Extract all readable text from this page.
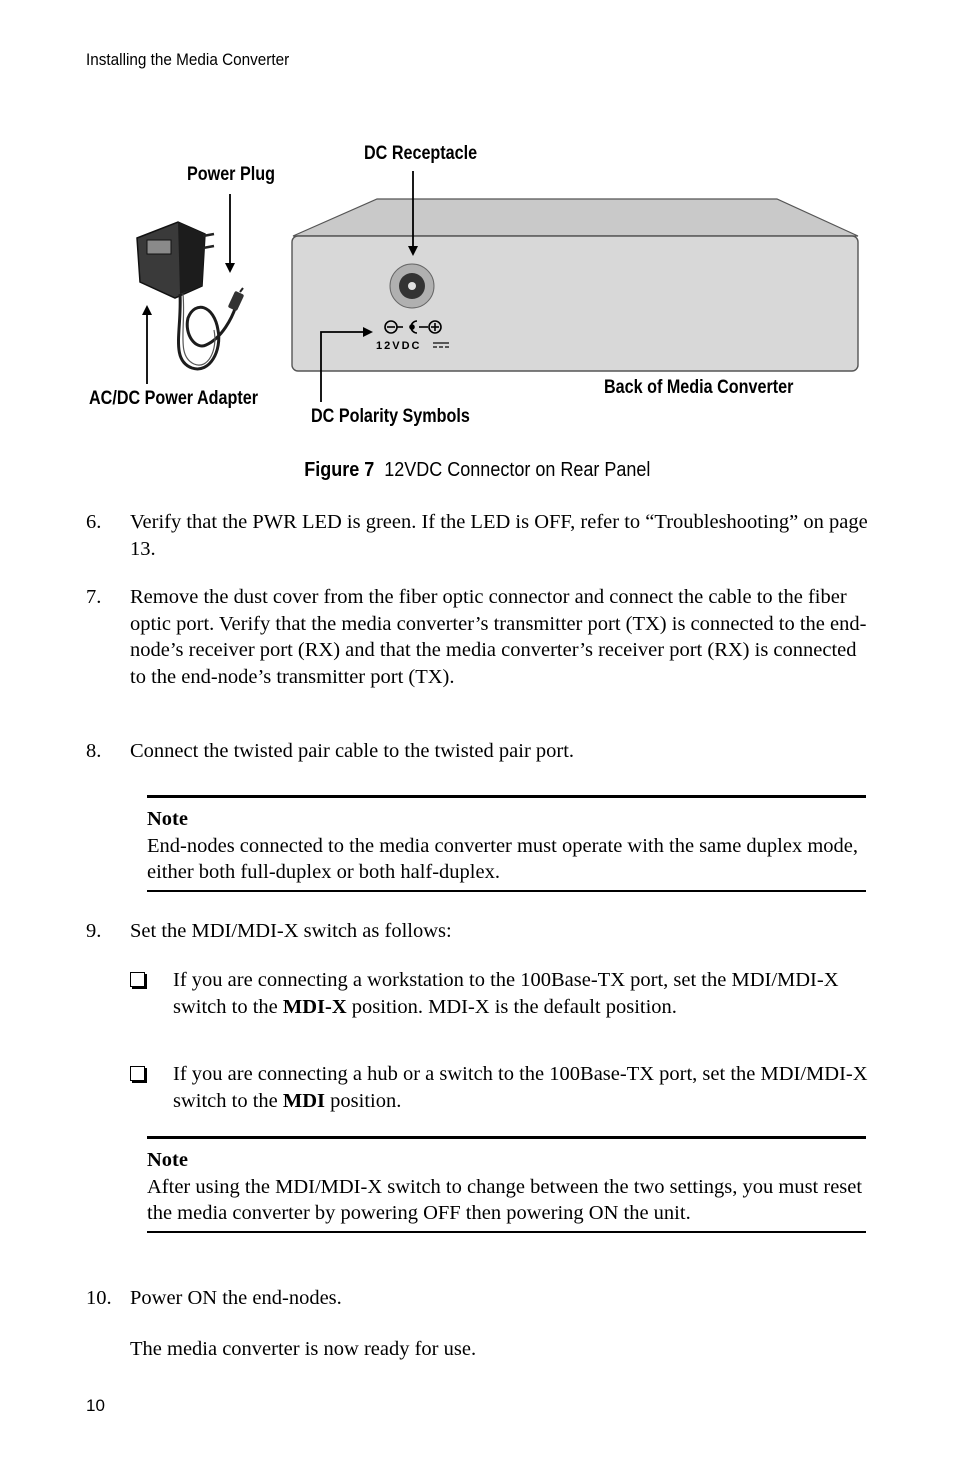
Installing the Media Converter
12VDC
Power Plug
DC Receptacle
AC/DC Power Adapter
DC Polarity Symbols
Back of Media Converter
Figure 7 12VDC Connector on Rear Panel
6. Verify that the PWR LED is green. If the LED is OFF, refer to “Troubleshooting” on page 13.
7. Remove the dust cover from the fiber optic connector and connect the cable to the fiber optic port. Verify that the media converter’s transmitter port (TX) is connected to the end-node’s receiver port (RX) and that the media converter’s receiver port (RX) is connected to the end-node’s transmitter port (TX).
8. Connect the twisted pair cable to the twisted pair port.
Note
End-nodes connected to the media converter must operate with the same duplex mode, either both full-duplex or both half-duplex.
9. Set the MDI/MDI-X switch as follows:
If you are connecting a workstation to the 100Base-TX port, set the MDI/MDI-X switch to the MDI-X position. MDI-X is the default position.
If you are connecting a hub or a switch to the 100Base-TX port, set the MDI/MDI-X switch to the MDI position.
Note
After using the MDI/MDI-X switch to change between the two settings, you must reset the media converter by powering OFF then powering ON the unit.
10. Power ON the end-nodes.
The media converter is now ready for use.
10
